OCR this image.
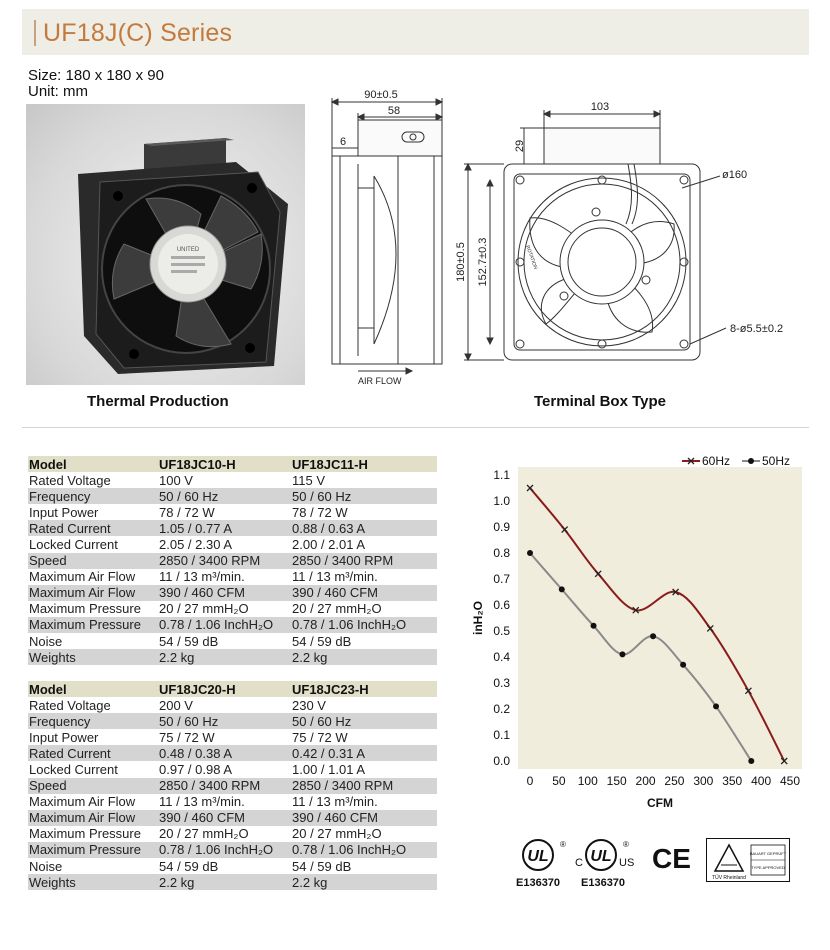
UF18J(C) Series
Size: 180 x 180 x 90
Unit: mm
UNITED
Thermal Production
90±0.5
58
6
AIR FLOW
103
29
ø160
180±0.5 152.7±0.3
8-ø5.5±0.2
ROTATION
Terminal Box Type
Model	UF18JC10-H	UF18JC11-H
Rated Voltage	100 V	115 V
Frequency	50 / 60 Hz	50 / 60 Hz
Input Power	78 / 72 W	78 / 72 W
Rated Current	1.05 / 0.77 A	0.88 / 0.63 A
Locked Current	2.05 / 2.30 A	2.00 / 2.01 A
Speed	2850 / 3400 RPM	2850 / 3400 RPM
Maximum Air Flow	11 / 13 m³/min.	11 / 13 m³/min.
Maximum Air Flow	390 / 460 CFM	390 / 460 CFM
Maximum Pressure	20 / 27 mmH₂O	20 / 27 mmH₂O
Maximum Pressure	0.78 / 1.06 InchH₂O	0.78 / 1.06 InchH₂O
Noise	54 / 59 dB	54 / 59 dB
Weights	2.2 kg	2.2 kg
Model	UF18JC20-H	UF18JC23-H
Rated Voltage	200 V	230 V
Frequency	50 / 60 Hz	50 / 60 Hz
Input Power	75 / 72 W	75 / 72 W
Rated Current	0.48 / 0.38 A	0.42 / 0.31 A
Locked Current	0.97 / 0.98 A	1.00 / 1.01 A
Speed	2850 / 3400 RPM	2850 / 3400 RPM
Maximum Air Flow	11 / 13 m³/min.	11 / 13 m³/min.
Maximum Air Flow	390 / 460 CFM	390 / 460 CFM
Maximum Pressure	20 / 27 mmH₂O	20 / 27 mmH₂O
Maximum Pressure	0.78 / 1.06 InchH₂O	0.78 / 1.06 InchH₂O
Noise	54 / 59 dB	54 / 59 dB
Weights	2.2 kg	2.2 kg
0.0
0.1
0.2
0.3
0.4
0.5
0.6
0.7
0.8
0.9
1.0
1.1
0 50 100 150 200 250 300 350 400 450
CFM
inH₂O
60Hz	50Hz
UL
®
E136370
C UL US
®
E136370
CE
TÜV Rheinland
BAUART GEPRÜFT
TYPE APPROVED
